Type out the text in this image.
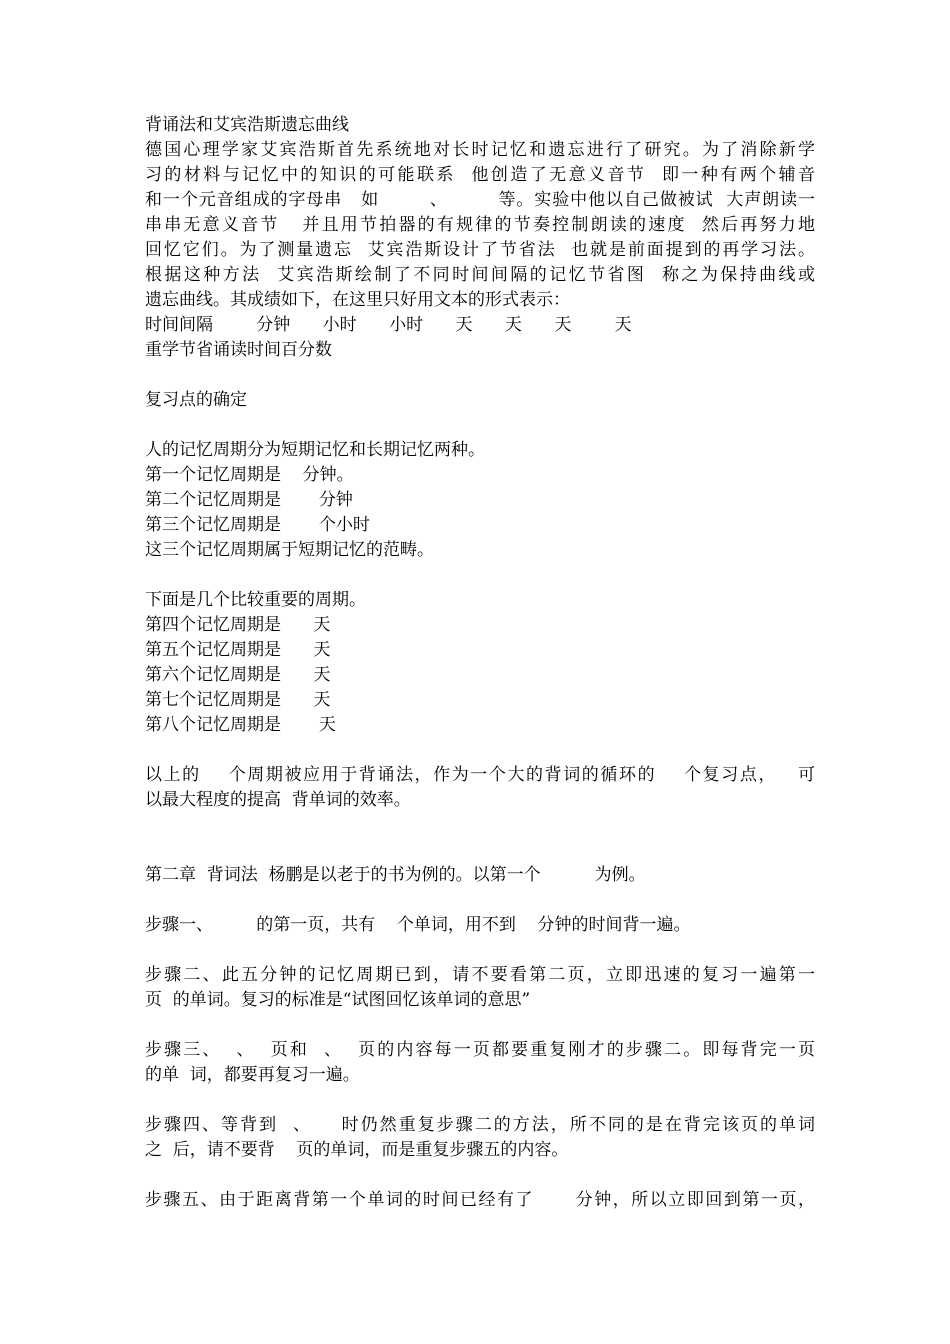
背诵法和艾宾浩斯遗忘曲线
德国心理学家艾宾浩斯首先系统地对长时记忆和遗忘进行了研究。为了消除新学
习的材料与记忆中的知识的可能联系  他创造了无意义音节  即一种有两个辅音
和一个元音组成的字母串   如        、        等。实验中他以自己做被试  大声朗读一
串串无意义音节   并且用节拍器的有规律的节奏控制朗读的速度  然后再努力地
回忆它们。为了测量遗忘  艾宾浩斯设计了节省法  也就是前面提到的再学习法。
根据这种方法  艾宾浩斯绘制了不同时间间隔的记忆节省图  称之为保持曲线或
遗忘曲线。其成绩如下，在这里只好用文本的形式表示：
时间间隔        分钟      小时      小时      天      天      天        天
重学节省诵读时间百分数
复习点的确定
人的记忆周期分为短期记忆和长期记忆两种。
第一个记忆周期是    分钟。
第二个记忆周期是       分钟
第三个记忆周期是       个小时
这三个记忆周期属于短期记忆的范畴。
下面是几个比较重要的周期。
第四个记忆周期是      天
第五个记忆周期是      天
第六个记忆周期是      天
第七个记忆周期是      天
第八个记忆周期是       天
以上的    个周期被应用于背诵法，作为一个大的背词的循环的    个复习点，   可
以最大程度的提高  背单词的效率。
第二章  背词法  杨鹏是以老于的书为例的。以第一个          为例。
步骤一、        的第一页，共有    个单词，用不到    分钟的时间背一遍。
步骤二、此五分钟的记忆周期已到，请不要看第二页，立即迅速的复习一遍第一
页  的单词。复习的标准是“试图回忆该单词的意思”
步骤三、  、  页和  、  页的内容每一页都要重复刚才的步骤二。即每背完一页
的单  词，都要再复习一遍。
步骤四、等背到  、    时仍然重复步骤二的方法，所不同的是在背完该页的单词
之  后，请不要背    页的单词，而是重复步骤五的内容。
步骤五、由于距离背第一个单词的时间已经有了      分钟，所以立即回到第一页，
